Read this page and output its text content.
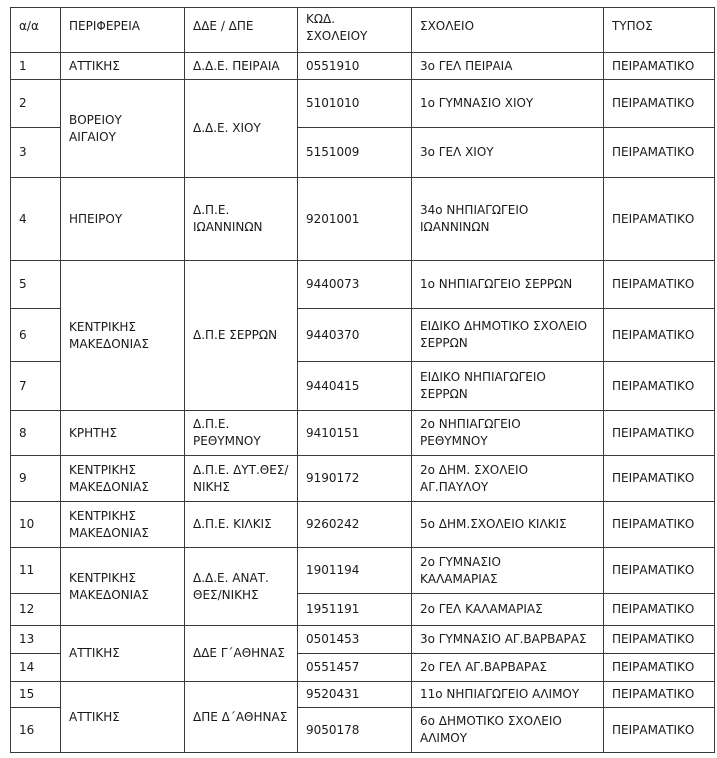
α/α	ΠΕΡΙΦΕΡΕΙΑ	ΔΔΕ / ΔΠΕ	ΚΩΔ. ΣΧΟΛΕΙΟΥ	ΣΧΟΛΕΙΟ	ΤΥΠΟΣ
1	ΑΤΤΙΚΗΣ	Δ.Δ.Ε. ΠΕΙΡΑΙΑ	0551910	3ο ΓΕΛ ΠΕΙΡΑΙΑ	ΠΕΙΡΑΜΑΤΙΚΟ
2	ΒΟΡΕΙΟΥ ΑΙΓΑΙΟΥ	Δ.Δ.Ε. ΧΙΟΥ	5101010	1ο ΓΥΜΝΑΣΙΟ ΧΙΟΥ	ΠΕΙΡΑΜΑΤΙΚΟ
3			5151009	3ο ΓΕΛ ΧΙΟΥ	ΠΕΙΡΑΜΑΤΙΚΟ
4	ΗΠΕΙΡΟΥ	Δ.Π.Ε. ΙΩΑΝΝΙΝΩΝ	9201001	34ο ΝΗΠΙΑΓΩΓΕΙΟ ΙΩΑΝΝΙΝΩΝ	ΠΕΙΡΑΜΑΤΙΚΟ
5	ΚΕΝΤΡΙΚΗΣ ΜΑΚΕΔΟΝΙΑΣ	Δ.Π.Ε ΣΕΡΡΩΝ	9440073	1ο ΝΗΠΙΑΓΩΓΕΙΟ ΣΕΡΡΩΝ	ΠΕΙΡΑΜΑΤΙΚΟ
6			9440370	ΕΙΔΙΚΟ ΔΗΜΟΤΙΚΟ ΣΧΟΛΕΙΟ ΣΕΡΡΩΝ	ΠΕΙΡΑΜΑΤΙΚΟ
7			9440415	ΕΙΔΙΚΟ ΝΗΠΙΑΓΩΓΕΙΟ ΣΕΡΡΩΝ	ΠΕΙΡΑΜΑΤΙΚΟ
8	ΚΡΗΤΗΣ	Δ.Π.Ε. ΡΕΘΥΜΝΟΥ	9410151	2ο ΝΗΠΙΑΓΩΓΕΙΟ ΡΕΘΥΜΝΟΥ	ΠΕΙΡΑΜΑΤΙΚΟ
9	ΚΕΝΤΡΙΚΗΣ ΜΑΚΕΔΟΝΙΑΣ	Δ.Π.Ε. ΔΥΤ.ΘΕΣ/ ΝΙΚΗΣ	9190172	2ο ΔΗΜ. ΣΧΟΛΕΙΟ ΑΓ.ΠΑΥΛΟΥ	ΠΕΙΡΑΜΑΤΙΚΟ
10	ΚΕΝΤΡΙΚΗΣ ΜΑΚΕΔΟΝΙΑΣ	Δ.Π.Ε. ΚΙΛΚΙΣ	9260242	5ο ΔΗΜ.ΣΧΟΛΕΙΟ ΚΙΛΚΙΣ	ΠΕΙΡΑΜΑΤΙΚΟ
11	ΚΕΝΤΡΙΚΗΣ ΜΑΚΕΔΟΝΙΑΣ	Δ.Δ.Ε. ΑΝΑΤ. ΘΕΣ/ΝΙΚΗΣ	1901194	2ο ΓΥΜΝΑΣΙΟ ΚΑΛΑΜΑΡΙΑΣ	ΠΕΙΡΑΜΑΤΙΚΟ
12			1951191	2ο ΓΕΛ ΚΑΛΑΜΑΡΙΑΣ	ΠΕΙΡΑΜΑΤΙΚΟ
13	ΑΤΤΙΚΗΣ	ΔΔΕ Γ΄ΑΘΗΝΑΣ	0501453	3ο ΓΥΜΝΑΣΙΟ ΑΓ.ΒΑΡΒΑΡΑΣ	ΠΕΙΡΑΜΑΤΙΚΟ
14			0551457	2ο ΓΕΛ ΑΓ.ΒΑΡΒΑΡΑΣ	ΠΕΙΡΑΜΑΤΙΚΟ
15	ΑΤΤΙΚΗΣ	ΔΠΕ Δ΄ΑΘΗΝΑΣ	9520431	11ο ΝΗΠΙΑΓΩΓΕΙΟ ΑΛΙΜΟΥ	ΠΕΙΡΑΜΑΤΙΚΟ
16			9050178	6ο ΔΗΜΟΤΙΚΟ ΣΧΟΛΕΙΟ ΑΛΙΜΟΥ	ΠΕΙΡΑΜΑΤΙΚΟ
